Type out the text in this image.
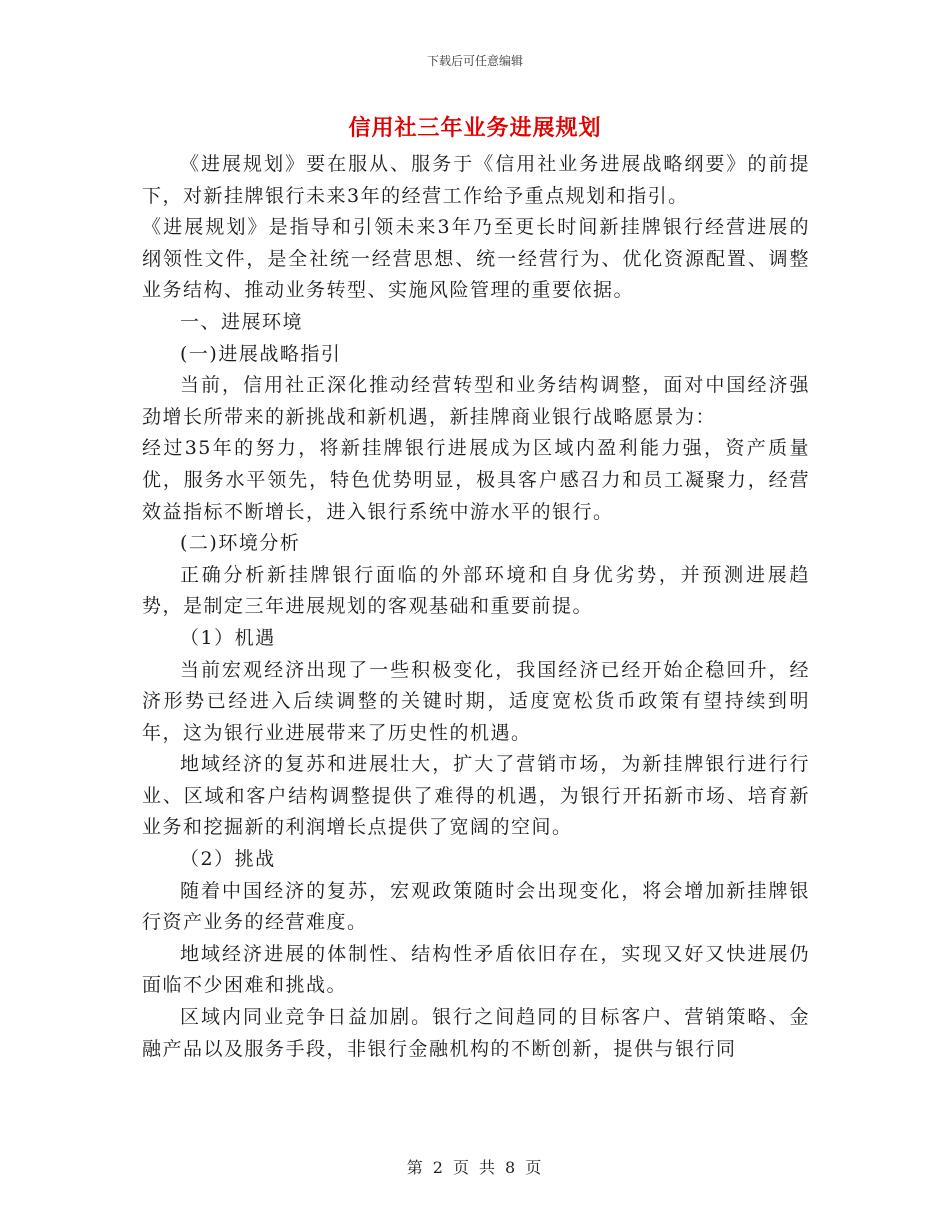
下载后可任意编辑
信用社三年业务进展规划

《进展规划》要在服从、服务于《信用社业务进展战略纲要》的前提下，对新挂牌银行未来3年的经营工作给予重点规划和指引。

《进展规划》是指导和引领未来3年乃至更长时间新挂牌银行经营进展的纲领性文件，是全社统一经营思想、统一经营行为、优化资源配置、调整业务结构、推动业务转型、实施风险管理的重要依据。

一、进展环境

(一)进展战略指引

当前，信用社正深化推动经营转型和业务结构调整，面对中国经济强劲增长所带来的新挑战和新机遇，新挂牌商业银行战略愿景为：

经过35年的努力，将新挂牌银行进展成为区域内盈利能力强，资产质量优，服务水平领先，特色优势明显，极具客户感召力和员工凝聚力，经营效益指标不断增长，进入银行系统中游水平的银行。

(二)环境分析

正确分析新挂牌银行面临的外部环境和自身优劣势，并预测进展趋势，是制定三年进展规划的客观基础和重要前提。

（1）机遇

当前宏观经济出现了一些积极变化，我国经济已经开始企稳回升，经济形势已经进入后续调整的关键时期，适度宽松货币政策有望持续到明年，这为银行业进展带来了历史性的机遇。

地域经济的复苏和进展壮大，扩大了营销市场，为新挂牌银行进行行业、区域和客户结构调整提供了难得的机遇，为银行开拓新市场、培育新业务和挖掘新的利润增长点提供了宽阔的空间。

（2）挑战

随着中国经济的复苏，宏观政策随时会出现变化，将会增加新挂牌银行资产业务的经营难度。

地域经济进展的体制性、结构性矛盾依旧存在，实现又好又快进展仍面临不少困难和挑战。

区域内同业竞争日益加剧。银行之间趋同的目标客户、营销策略、金融产品以及服务手段，非银行金融机构的不断创新，提供与银行同

第 2 页 共 8 页
